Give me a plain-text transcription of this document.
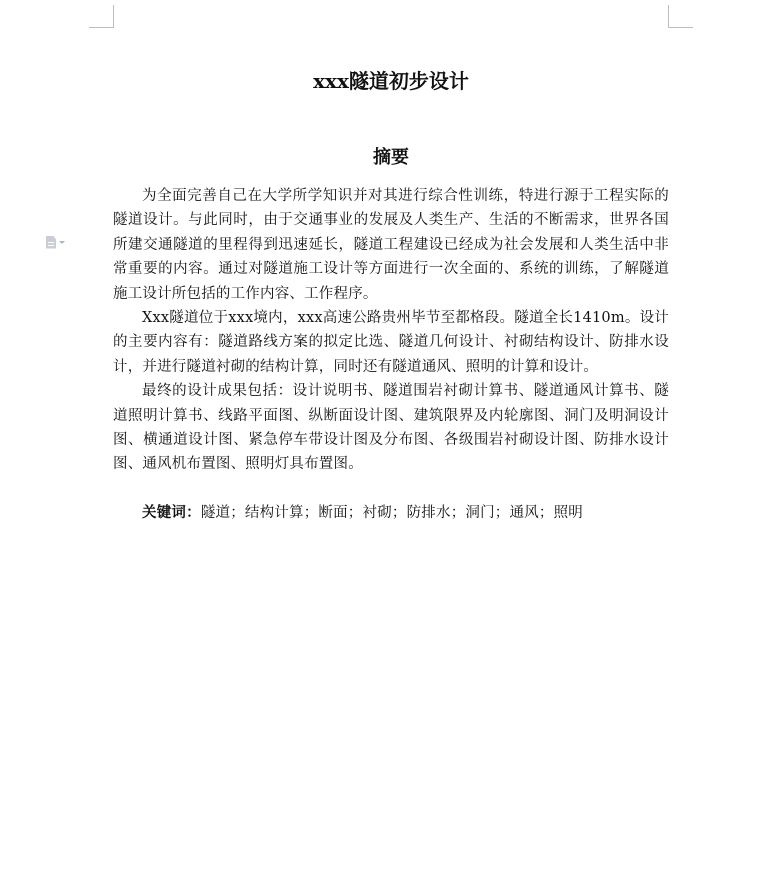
xxx隧道初步设计
摘要

为全面完善自己在大学所学知识并对其进行综合性训练，特进行源于工程实际的隧道设计。与此同时，由于交通事业的发展及人类生产、生活的不断需求，世界各国所建交通隧道的里程得到迅速延长，隧道工程建设已经成为社会发展和人类生活中非常重要的内容。通过对隧道施工设计等方面进行一次全面的、系统的训练，了解隧道施工设计所包括的工作内容、工作程序。

Xxx隧道位于xxx境内，xxx高速公路贵州毕节至都格段。隧道全长1410m。设计的主要内容有：隧道路线方案的拟定比选、隧道几何设计、衬砌结构设计、防排水设计，并进行隧道衬砌的结构计算，同时还有隧道通风、照明的计算和设计。

最终的设计成果包括：设计说明书、隧道围岩衬砌计算书、隧道通风计算书、隧道照明计算书、线路平面图、纵断面设计图、建筑限界及内轮廓图、洞门及明洞设计图、横通道设计图、紧急停车带设计图及分布图、各级围岩衬砌设计图、防排水设计图、通风机布置图、照明灯具布置图。

关键词：隧道；结构计算；断面；衬砌；防排水；洞门；通风；照明
